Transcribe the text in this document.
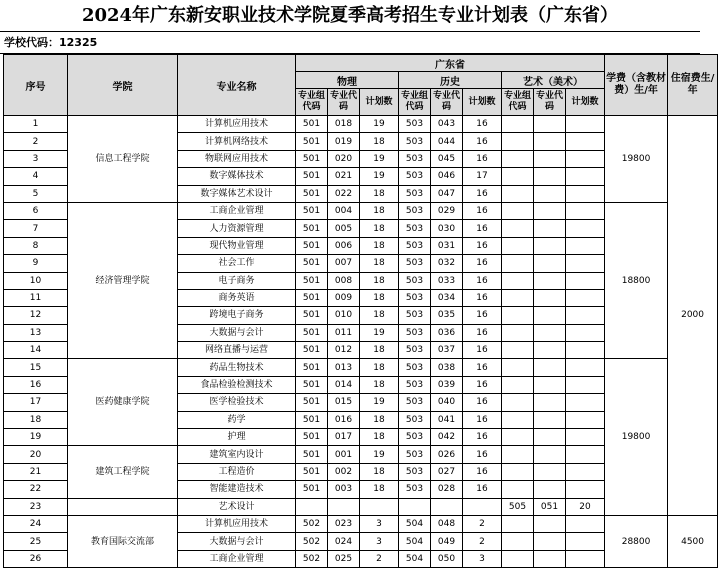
2024年广东新安职业技术学院夏季高考招生专业计划表（广东省）
学校代码：12325
序号	学院	专业名称	广东省									学费（含教材费）生/年	住宿费生/年
			物理			历史			艺术（美术）				
			专业组代码	专业代码	计划数	专业组代码	专业代码	计划数	专业组代码	专业代码	计划数		
1	信息工程学院	计算机应用技术	501	018	19	503	043	16				19800	2000
2		计算机网络技术	501	019	18	503	044	16					
3		物联网应用技术	501	020	19	503	045	16					
4		数字媒体技术	501	021	19	503	046	17					
5		数字媒体艺术设计	501	022	18	503	047	16					
6	经济管理学院	工商企业管理	501	004	18	503	029	16				18800	
7		人力资源管理	501	005	18	503	030	16					
8		现代物业管理	501	006	18	503	031	16					
9		社会工作	501	007	18	503	032	16					
10		电子商务	501	008	18	503	033	16					
11		商务英语	501	009	18	503	034	16					
12		跨境电子商务	501	010	18	503	035	16					
13		大数据与会计	501	011	19	503	036	16					
14		网络直播与运营	501	012	18	503	037	16					
15	医药健康学院	药品生物技术	501	013	18	503	038	16				19800	
16		食品检验检测技术	501	014	18	503	039	16					
17		医学检验技术	501	015	19	503	040	16					
18		药学	501	016	18	503	041	16					
19		护理	501	017	18	503	042	16					
20	建筑工程学院	建筑室内设计	501	001	19	503	026	16					
21		工程造价	501	002	18	503	027	16					
22		智能建造技术	501	003	18	503	028	16					
23		艺术设计							505	051	20		
24	教育国际交流部	计算机应用技术	502	023	3	504	048	2				28800	4500
25		大数据与会计	502	024	3	504	049	2					
26		工商企业管理	502	025	2	504	050	3					
